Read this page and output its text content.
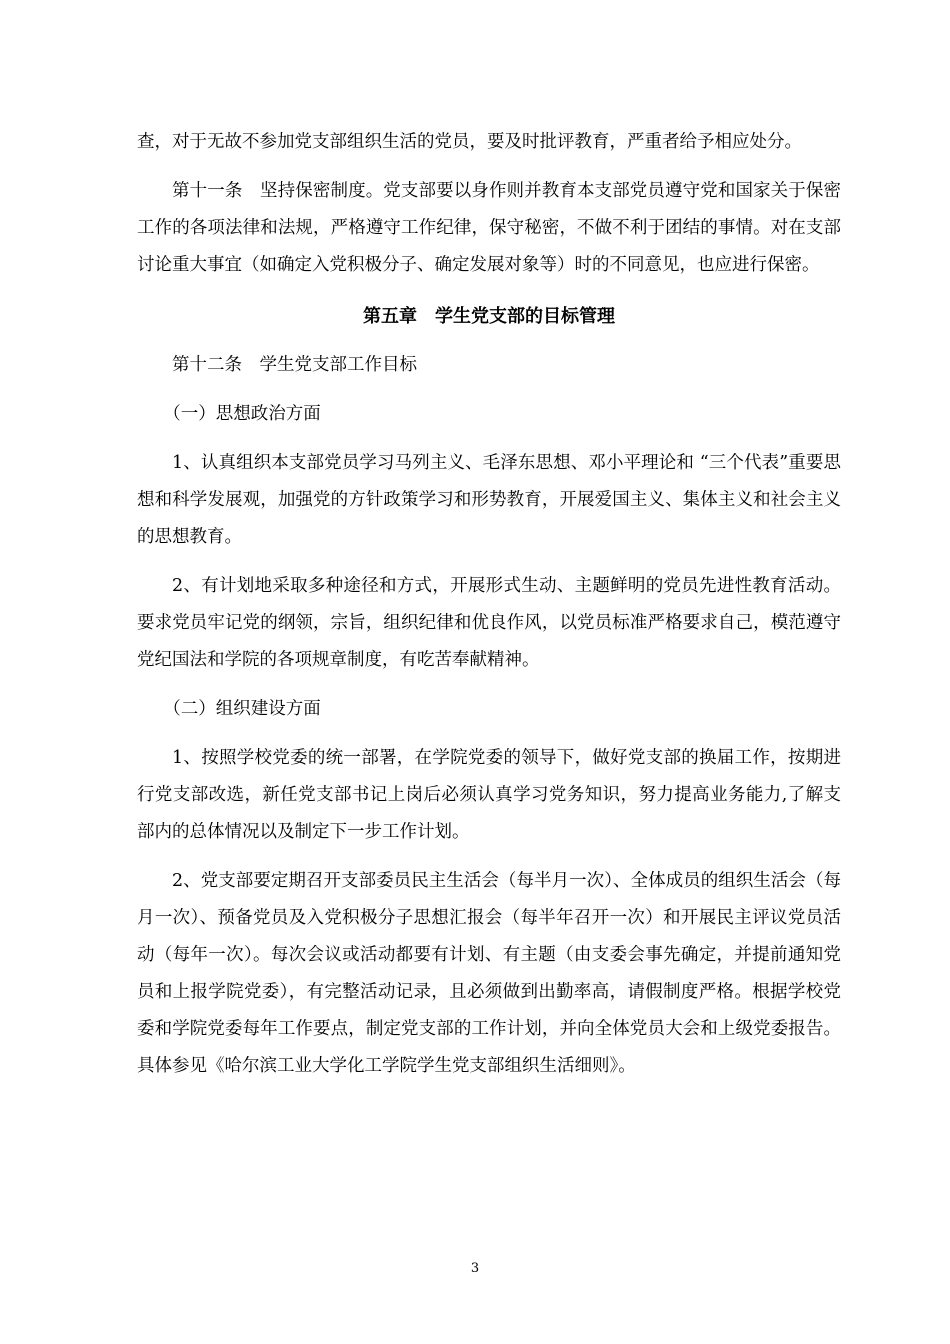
查，对于无故不参加党支部组织生活的党员，要及时批评教育，严重者给予相应处分。

第十一条　坚持保密制度。党支部要以身作则并教育本支部党员遵守党和国家关于保密工作的各项法律和法规，严格遵守工作纪律，保守秘密，不做不利于团结的事情。对在支部讨论重大事宜（如确定入党积极分子、确定发展对象等）时的不同意见，也应进行保密。

第五章　学生党支部的目标管理

第十二条　学生党支部工作目标

（一）思想政治方面

1、认真组织本支部党员学习马列主义、毛泽东思想、邓小平理论和 “三个代表”重要思想和科学发展观，加强党的方针政策学习和形势教育，开展爱国主义、集体主义和社会主义的思想教育。

2、有计划地采取多种途径和方式，开展形式生动、主题鲜明的党员先进性教育活动。要求党员牢记党的纲领，宗旨，组织纪律和优良作风，以党员标准严格要求自己，模范遵守党纪国法和学院的各项规章制度，有吃苦奉献精神。

（二）组织建设方面

1、按照学校党委的统一部署，在学院党委的领导下，做好党支部的换届工作，按期进行党支部改选，新任党支部书记上岗后必须认真学习党务知识，努力提高业务能力,了解支部内的总体情况以及制定下一步工作计划。

2、党支部要定期召开支部委员民主生活会（每半月一次）、全体成员的组织生活会（每月一次）、预备党员及入党积极分子思想汇报会（每半年召开一次）和开展民主评议党员活动（每年一次）。每次会议或活动都要有计划、有主题（由支委会事先确定，并提前通知党员和上报学院党委），有完整活动记录，且必须做到出勤率高，请假制度严格。根据学校党委和学院党委每年工作要点，制定党支部的工作计划，并向全体党员大会和上级党委报告。具体参见《哈尔滨工业大学化工学院学生党支部组织生活细则》。

3
